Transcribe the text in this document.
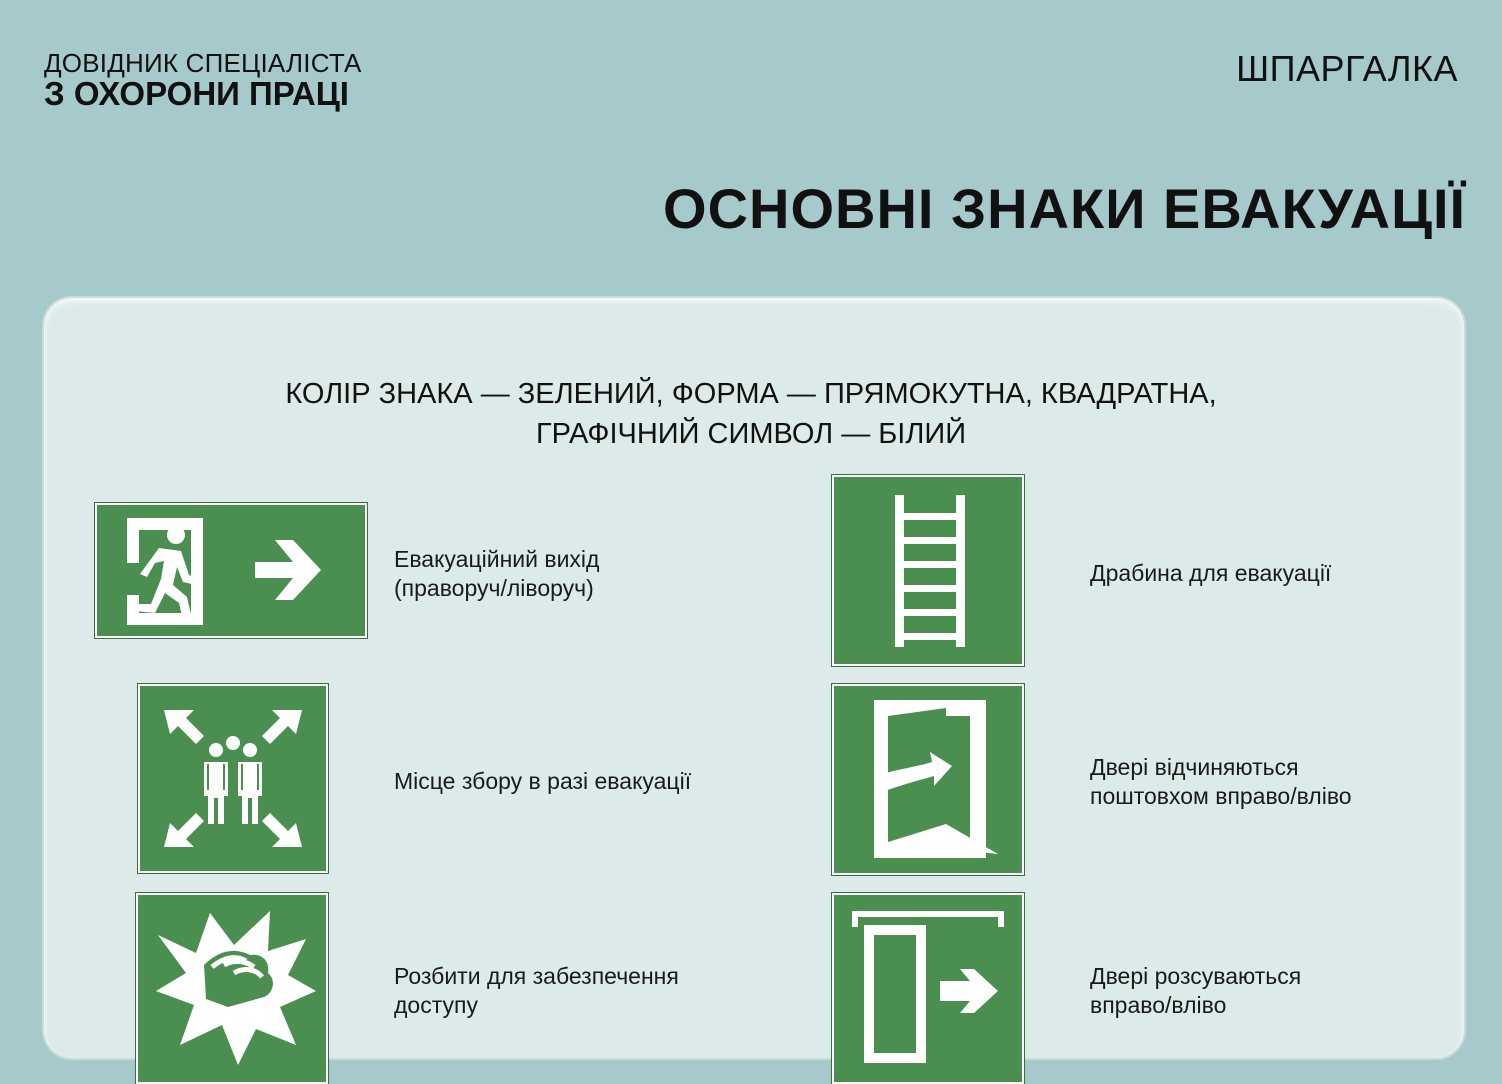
ДОВІДНИК СПЕЦІАЛІСТА
З ОХОРОНИ ПРАЦІ
ШПАРГАЛКА
ОСНОВНІ ЗНАКИ ЕВАКУАЦІЇ
КОЛІР ЗНАКА — ЗЕЛЕНИЙ, ФОРМА — ПРЯМОКУТНА, КВАДРАТНА,
ГРАФІЧНИЙ СИМВОЛ — БІЛИЙ
Евакуаційний вихід
(праворуч/ліворуч)
Драбина для евакуації
Місце збору в разі евакуації
Двері відчиняються
поштовхом вправо/вліво
Розбити для забезпечення
доступу
Двері розсуваються
вправо/вліво
